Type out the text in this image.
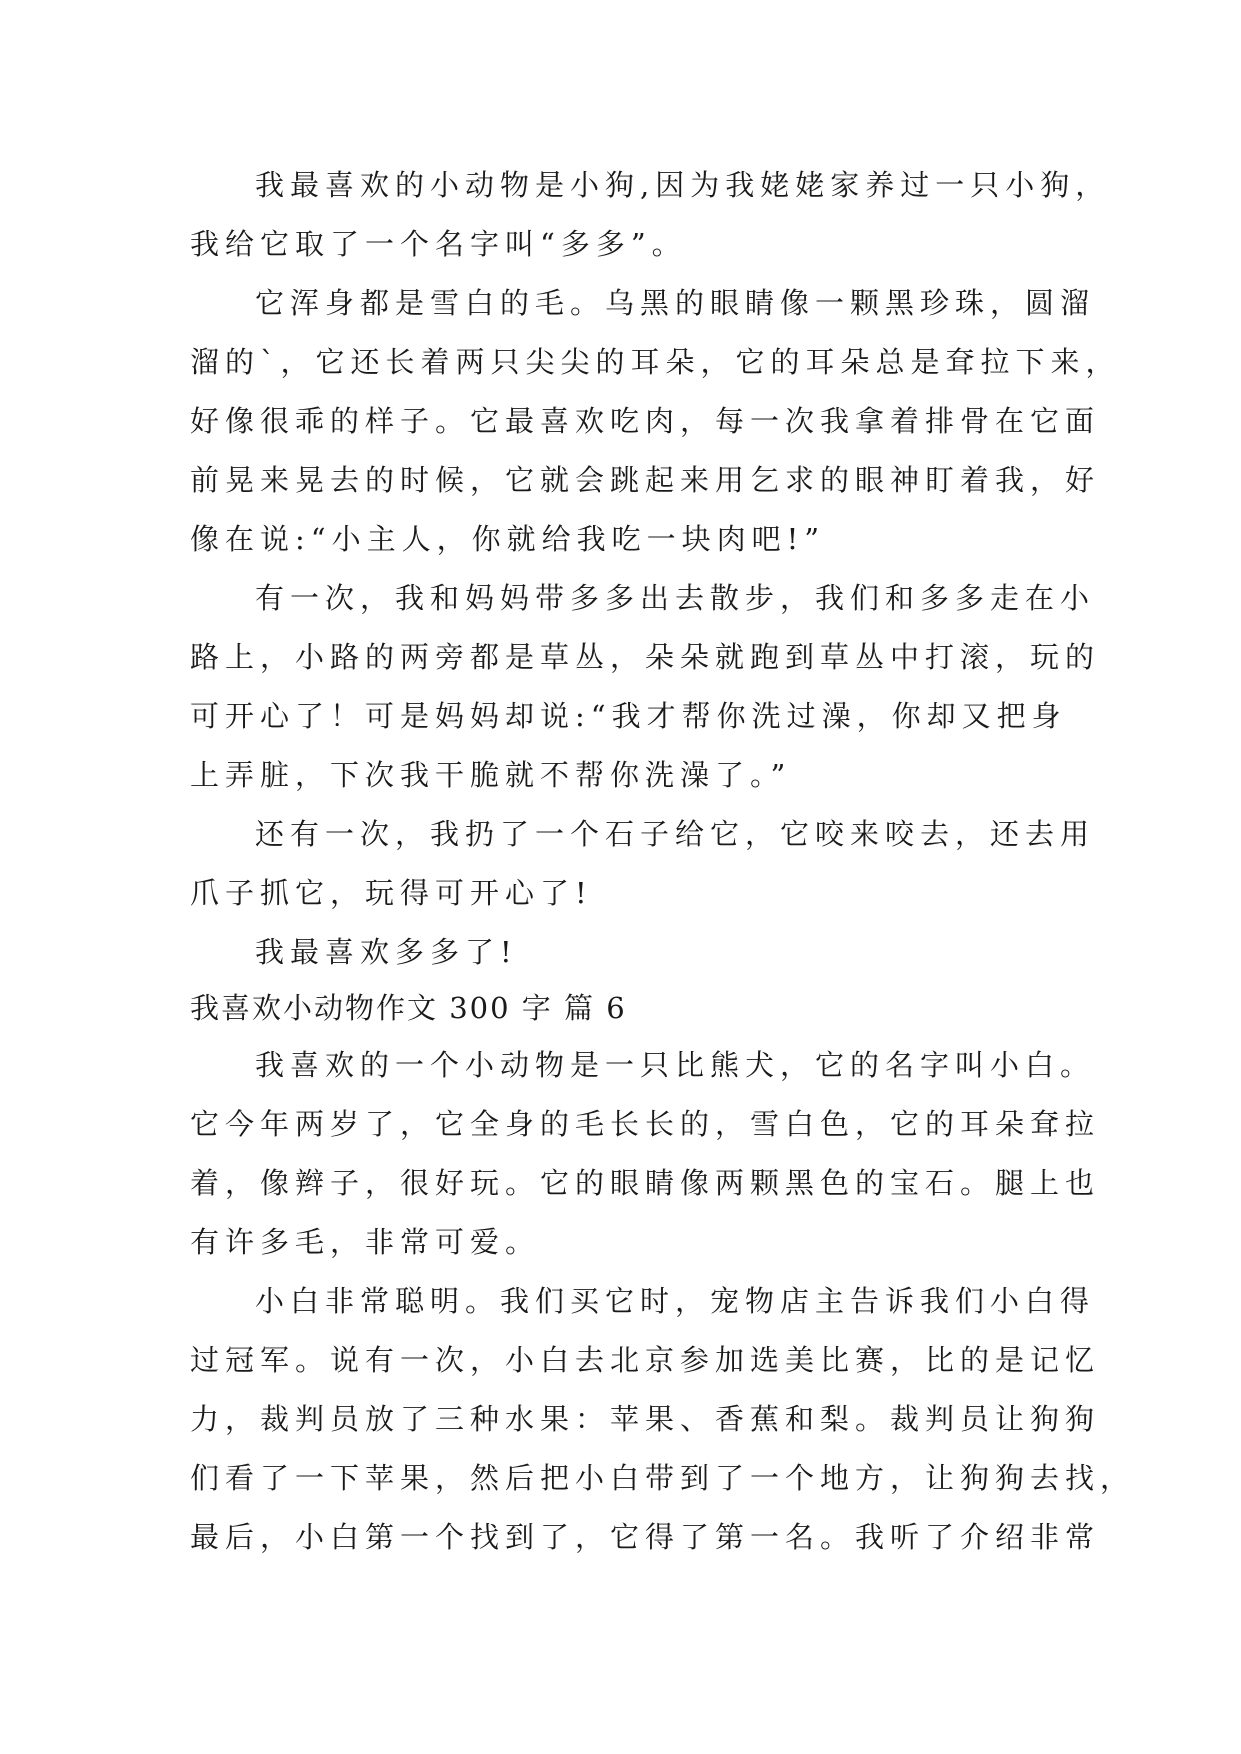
我最喜欢的小动物是小狗,因为我姥姥家养过一只小狗，
我给它取了一个名字叫“多多”。
它浑身都是雪白的毛。乌黑的眼睛像一颗黑珍珠，圆溜
溜的`，它还长着两只尖尖的耳朵，它的耳朵总是耷拉下来，
好像很乖的样子。它最喜欢吃肉，每一次我拿着排骨在它面
前晃来晃去的时候，它就会跳起来用乞求的眼神盯着我，好
像在说:“小主人，你就给我吃一块肉吧!”
有一次，我和妈妈带多多出去散步，我们和多多走在小
路上，小路的两旁都是草丛，朵朵就跑到草丛中打滚，玩的
可开心了！可是妈妈却说:“我才帮你洗过澡，你却又把身
上弄脏，下次我干脆就不帮你洗澡了。”
还有一次，我扔了一个石子给它，它咬来咬去，还去用
爪子抓它，玩得可开心了!
我最喜欢多多了!
我喜欢小动物作文 300 字 篇 6
我喜欢的一个小动物是一只比熊犬，它的名字叫小白。
它今年两岁了，它全身的毛长长的，雪白色，它的耳朵耷拉
着，像辫子，很好玩。它的眼睛像两颗黑色的宝石。腿上也
有许多毛，非常可爱。
小白非常聪明。我们买它时，宠物店主告诉我们小白得
过冠军。说有一次，小白去北京参加选美比赛，比的是记忆
力，裁判员放了三种水果：苹果、香蕉和梨。裁判员让狗狗
们看了一下苹果，然后把小白带到了一个地方，让狗狗去找，
最后，小白第一个找到了，它得了第一名。我听了介绍非常
